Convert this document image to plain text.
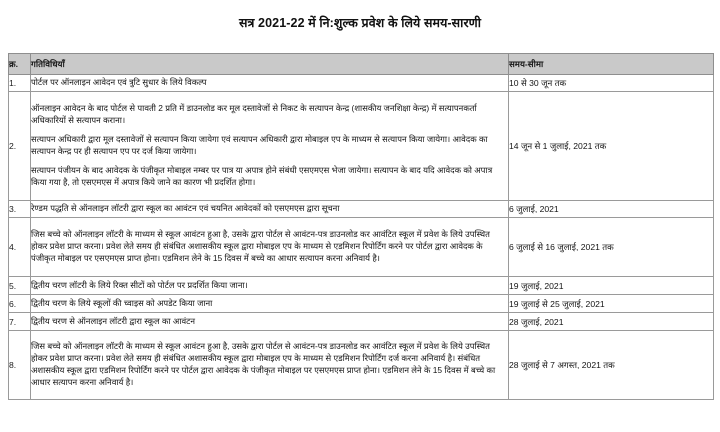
सत्र 2021-22 में नि:शुल्क प्रवेश के लिये समय-सारणी
क्र.	गतिविधियाँ	समय-सीमा
1.	पोर्टल पर ऑनलाइन आवेदन एवं त्रुटि सुधार के लिये विकल्प	10 से 30 जून तक
2.	ऑनलाइन आवेदन के बाद पोर्टल से पावती 2 प्रति में डाउनलोड कर मूल दस्तावेजों से निकट के सत्यापन केन्द्र (शासकीय जनशिक्षा केन्द्र) में सत्यापनकर्ता अधिकारियों से सत्यापन कराना।

सत्यापन अधिकारी द्वारा मूल दस्तावेजों से सत्यापन किया जायेगा एवं सत्यापन अधिकारी द्वारा मोबाइल एप के माध्यम से सत्यापन किया जायेगा। आवेदक का सत्यापन केन्द्र पर ही सत्यापन एप पर दर्ज किया जायेगा।

सत्यापन पंजीयन के बाद आवेदक के पंजीकृत मोबाइल नम्बर पर पात्र या अपात्र होने संबंधी एसएमएस भेजा जायेगा। सत्यापन के बाद यदि आवेदक को अपात्र किया गया है, तो एसएमएस में अपात्र किये जाने का कारण भी प्रदर्शित होगा।	14 जून से 1 जुलाई, 2021 तक
3.	रेण्डम पद्धति से ऑनलाइन लॉटरी द्वारा स्कूल का आवंटन एवं चयनित आवेदकों को एसएमएस द्वारा सूचना	6 जुलाई, 2021
4.	जिस बच्चे को ऑनलाइन लॉटरी के माध्यम से स्कूल आवंटन हुआ है, उसके द्वारा पोर्टल से आवंटन-पत्र डाउनलोड कर आवंटित स्कूल में प्रवेश के लिये उपस्थित होकर प्रवेश प्राप्त करना। प्रवेश लेते समय ही संबंधित अशासकीय स्कूल द्वारा मोबाइल एप के माध्यम से एडमिशन रिपोर्टिंग करने पर पोर्टल द्वारा आवेदक के पंजीकृत मोबाइल पर एसएमएस प्राप्त होना। एडमिशन लेने के 15 दिवस में बच्चे का आधार सत्यापन करना अनिवार्य है।	6 जुलाई से 16 जुलाई, 2021 तक
5.	द्वितीय चरण लॉटरी के लिये रिक्त सीटों को पोर्टल पर प्रदर्शित किया जाना।	19 जुलाई, 2021
6.	द्वितीय चरण के लिये स्कूलों की च्वाइस को अपडेट किया जाना	19 जुलाई से 25 जुलाई, 2021
7.	द्वितीय चरण से ऑनलाइन लॉटरी द्वारा स्कूल का आवंटन	28 जुलाई, 2021
8.	जिस बच्चे को ऑनलाइन लॉटरी के माध्यम से स्कूल आवंटन हुआ है, उसके द्वारा पोर्टल से आवंटन-पत्र डाउनलोड कर आवंटित स्कूल में प्रवेश के लिये उपस्थित होकर प्रवेश प्राप्त करना। प्रवेश लेते समय ही संबंधित अशासकीय स्कूल द्वारा मोबाइल एप के माध्यम से एडमिशन रिपोर्टिंग दर्ज करना अनिवार्य है। संबंधित अशासकीय स्कूल द्वारा एडमिशन रिपोर्टिंग करने पर पोर्टल द्वारा आवेदक के पंजीकृत मोबाइल पर एसएमएस प्राप्त होना। एडमिशन लेने के 15 दिवस में बच्चे का आधार सत्यापन करना अनिवार्य है।	28 जुलाई से 7 अगस्त, 2021 तक
